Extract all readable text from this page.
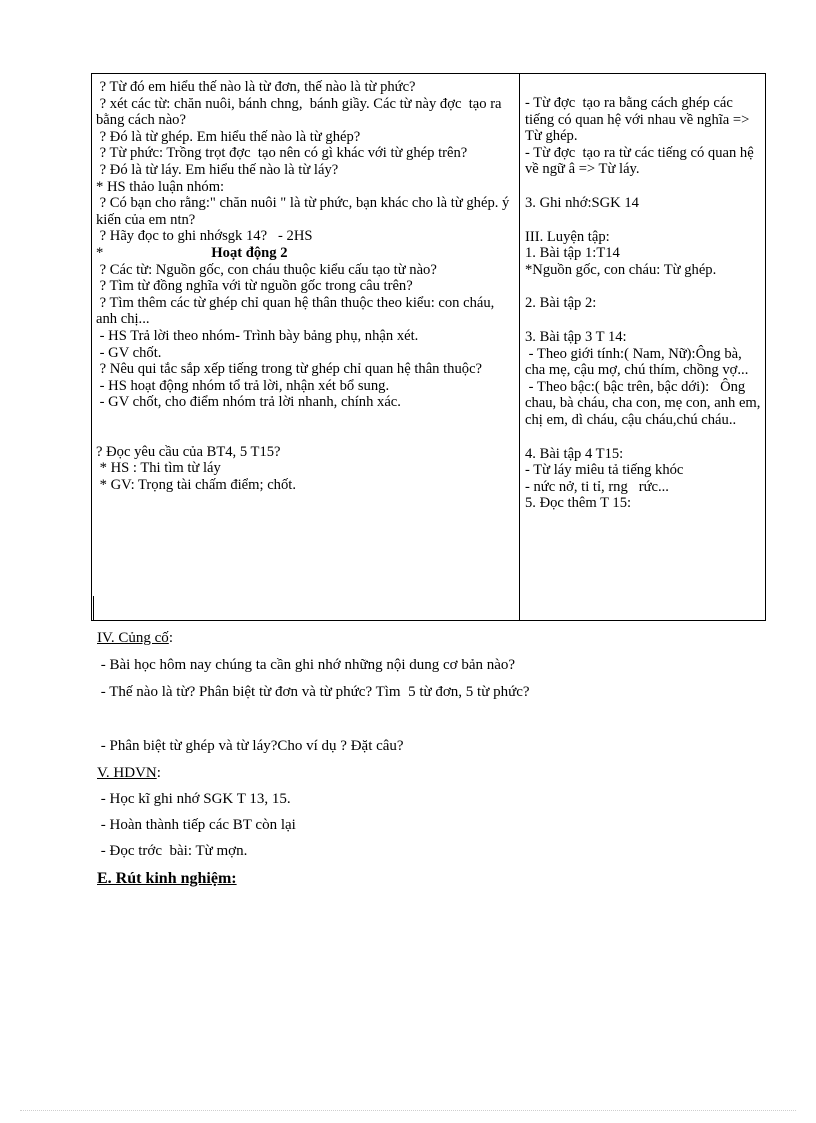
? Từ đó em hiểu thế nào là từ đơn, thế nào là từ phức?

? xét các từ: chăn nuôi, bánh chng,  bánh giầy. Các từ này đợc  tạo ra bằng cách nào?

? Đó là từ ghép. Em hiểu thế nào là từ ghép?

? Từ phức: Trồng trọt đợc  tạo nên có gì khác với từ ghép trên?

? Đó là từ láy. Em hiểu thế nào là từ láy?

* HS thảo luận nhóm:

? Có bạn cho rằng:" chăn nuôi " là từ phức, bạn khác cho là từ ghép. ý kiến của em ntn?

? Hãy đọc to ghi nhớsgk 14?   - 2HS

*	Hoạt động 2

? Các từ: Nguồn gốc, con cháu thuộc kiểu cấu tạo từ nào?

? Tìm từ đồng nghĩa với từ nguồn gốc trong câu trên?

? Tìm thêm các từ ghép chỉ quan hệ thân thuộc theo kiểu: con cháu, anh chị...

- HS Trả lời theo nhóm- Trình bày bảng phụ, nhận xét.

- GV chốt.

? Nêu qui tắc sắp xếp tiếng trong từ ghép chỉ quan hệ thân thuộc?

- HS hoạt động nhóm tổ trả lời, nhận xét bổ sung.

- GV chốt, cho điểm nhóm trả lời nhanh, chính xác.

? Đọc yêu cầu của BT4, 5 T15?

* HS : Thi tìm từ láy

* GV: Trọng tài chấm điểm; chốt.

- Từ đợc  tạo ra bằng cách ghép các tiếng có quan hệ với nhau về nghĩa => Từ ghép.

- Từ đợc  tạo ra từ các tiếng có quan hệ về ngữ â => Từ láy.

3. Ghi nhớ:SGK 14

III. Luyện tập:

1. Bài tập 1:T14

*Nguồn gốc, con cháu: Từ ghép.

2. Bài tập 2:

3. Bài tập 3 T 14:

- Theo giới tính:( Nam, Nữ):Ông bà, cha mẹ, cậu mợ, chú thím, chồng vợ...

- Theo bậc:( bậc trên, bậc dới):   Ông chau, bà cháu, cha con, mẹ con, anh em, chị em, dì cháu, cậu cháu,chú cháu..

4. Bài tập 4 T15:

- Từ láy miêu tả tiếng khóc

- nức nở, ti tỉ, rng   rức...

5. Đọc thêm T 15:

IV. Củng cố:

- Bài học hôm nay chúng ta cần ghi nhớ những nội dung cơ bản nào?

- Thế nào là từ? Phân biệt từ đơn và từ phức? Tìm  5 từ đơn, 5 từ phức?

- Phân biệt từ ghép và từ láy?Cho ví dụ ? Đặt câu?

V. HDVN:

- Học kĩ ghi nhớ SGK T 13, 15.

- Hoàn thành tiếp các BT còn lại

- Đọc trớc  bài: Từ mợn.

E. Rút kinh nghiệm:
